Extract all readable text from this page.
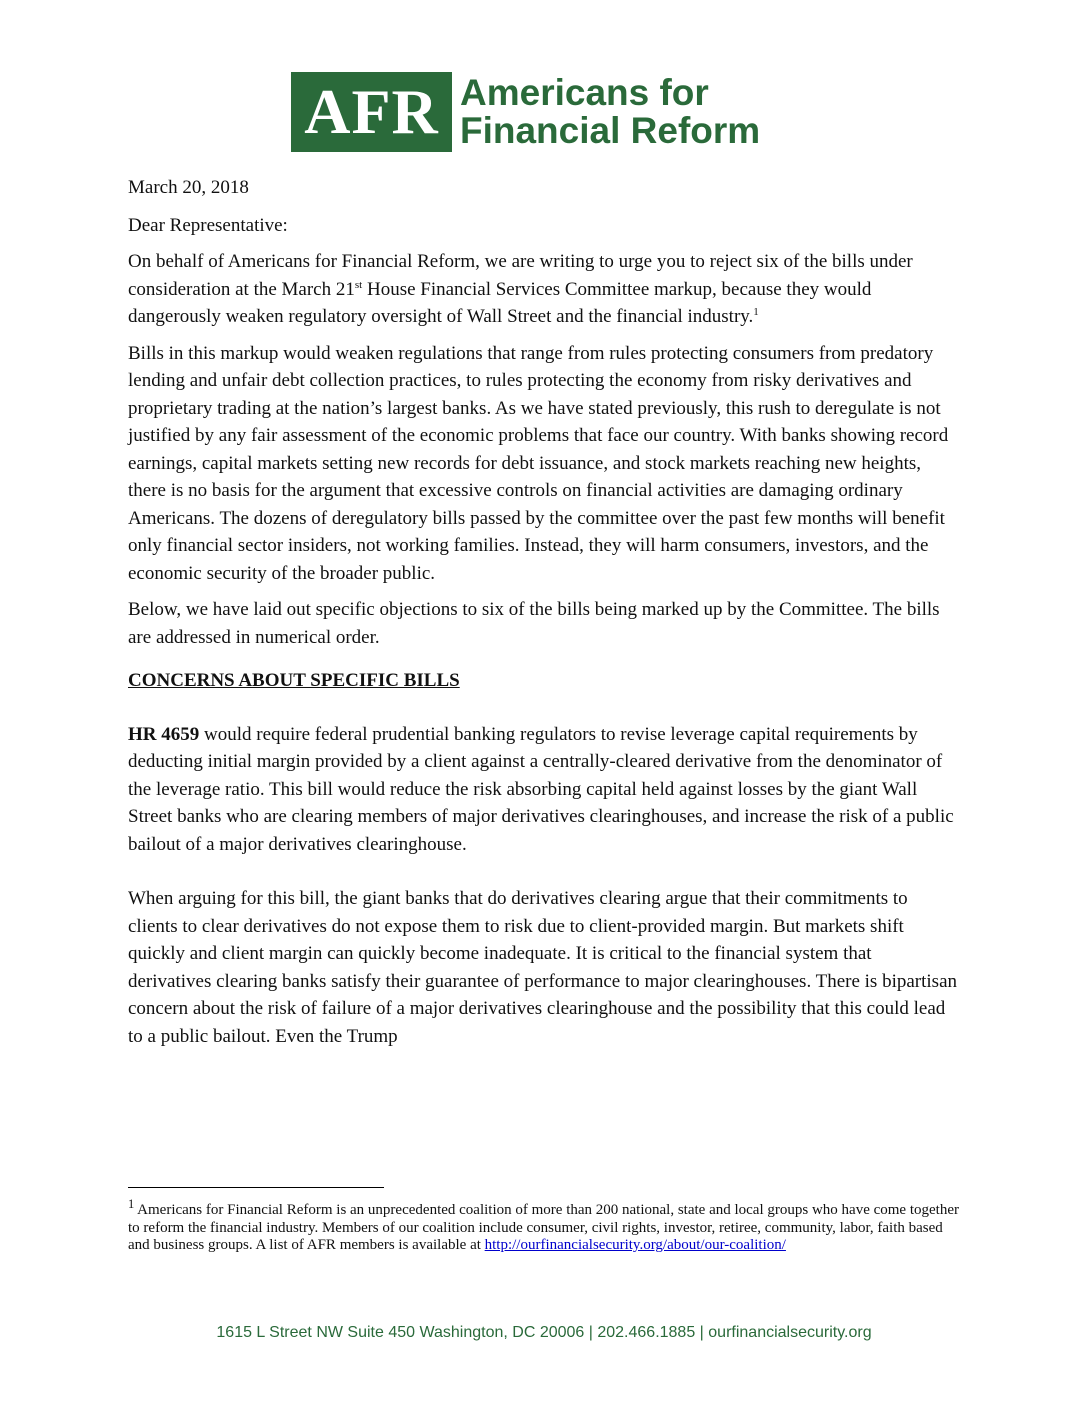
AFR Americans for
Financial Reform

March 20, 2018

Dear Representative:

On behalf of Americans for Financial Reform, we are writing to urge you to reject six of the bills under consideration at the March 21st House Financial Services Committee markup, because they would dangerously weaken regulatory oversight of Wall Street and the financial industry.$^1$

Bills in this markup would weaken regulations that range from rules protecting consumers from predatory lending and unfair debt collection practices, to rules protecting the economy from risky derivatives and proprietary trading at the nation’s largest banks. As we have stated previously, this rush to deregulate is not justified by any fair assessment of the economic problems that face our country. With banks showing record earnings, capital markets setting new records for debt issuance, and stock markets reaching new heights, there is no basis for the argument that excessive controls on financial activities are damaging ordinary Americans. The dozens of deregulatory bills passed by the committee over the past few months will benefit only financial sector insiders, not working families. Instead, they will harm consumers, investors, and the economic security of the broader public.

Below, we have laid out specific objections to six of the bills being marked up by the Committee. The bills are addressed in numerical order.

CONCERNS ABOUT SPECIFIC BILLS

HR 4659 would require federal prudential banking regulators to revise leverage capital requirements by deducting initial margin provided by a client against a centrally-cleared derivative from the denominator of the leverage ratio. This bill would reduce the risk absorbing capital held against losses by the giant Wall Street banks who are clearing members of major derivatives clearinghouses, and increase the risk of a public bailout of a major derivatives clearinghouse.

When arguing for this bill, the giant banks that do derivatives clearing argue that their commitments to clients to clear derivatives do not expose them to risk due to client-provided margin. But markets shift quickly and client margin can quickly become inadequate. It is critical to the financial system that derivatives clearing banks satisfy their guarantee of performance to major clearinghouses. There is bipartisan concern about the risk of failure of a major derivatives clearinghouse and the possibility that this could lead to a public bailout. Even the Trump

$^1$ Americans for Financial Reform is an unprecedented coalition of more than 200 national, state and local groups who have come together to reform the financial industry. Members of our coalition include consumer, civil rights, investor, retiree, community, labor, faith based and business groups. A list of AFR members is available at http://ourfinancialsecurity.org/about/our-coalition/
1615 L Street NW Suite 450 Washington, DC 20006 | 202.466.1885 | ourfinancialsecurity.org
